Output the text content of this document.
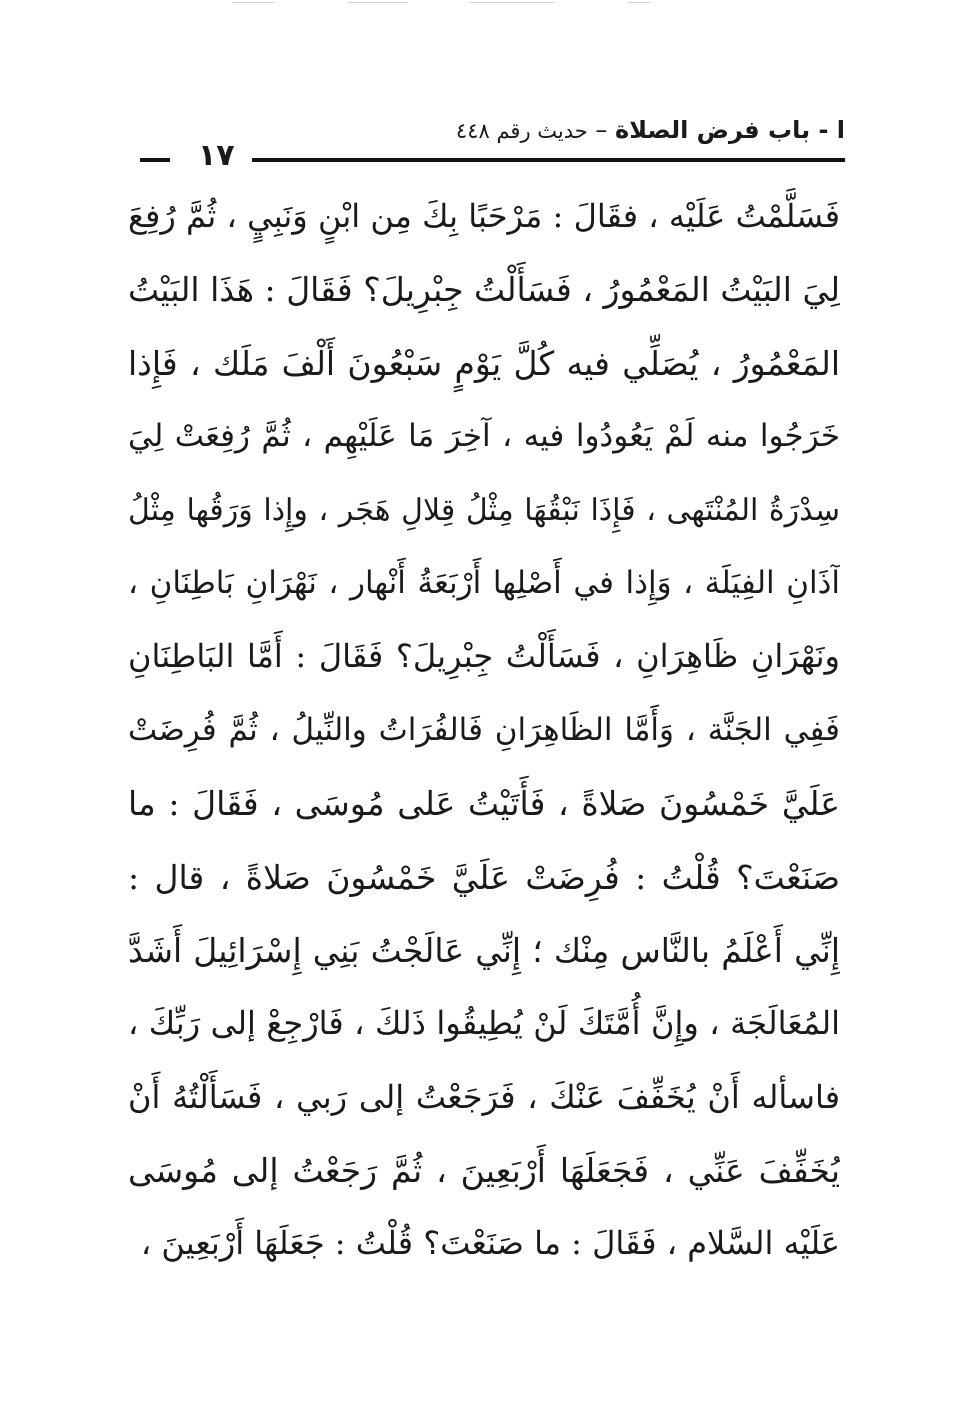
ا - باب فرض الصلاة – حديث رقم ٤٤٨
١٧
فَسَلَّمْتُ عَلَيْه ، فقَالَ : مَرْحَبًا بِكَ مِن ابْنٍ وَنَبِيٍ ، ثُمَّ رُفِعَ
لِيَ البَيْتُ المَعْمُورُ ، فَسَأَلْتُ جِبْرِيلَ؟ فَقَالَ : هَذَا البَيْتُ
المَعْمُورُ ، يُصَلِّي فيه كُلَّ يَوْمٍ سَبْعُونَ أَلْفَ مَلَك ، فَإِذا
خَرَجُوا منه لَمْ يَعُودُوا فيه ، آخِرَ مَا عَلَيْهِم ، ثُمَّ رُفِعَتْ لِيَ
سِدْرَةُ المُنْتَهى ، فَإِذَا نَبْقُهَا مِثْلُ قِلالِ هَجَر ، وإِذا وَرَقُها مِثْلُ
آذَانِ الفِيَلَة ، وَإِذا في أَصْلِها أَرْبَعَةُ أَنْهار ، نَهْرَانِ بَاطِنَانِ ،
ونَهْرَانِ ظَاهِرَانِ ، فَسَأَلْتُ جِبْرِيلَ؟ فَقَالَ : أَمَّا البَاطِنَانِ
فَفِي الجَنَّة ، وَأَمَّا الظَاهِرَانِ فَالفُرَاتُ والنِّيلُ ، ثُمَّ فُرِضَتْ
عَلَيَّ خَمْسُونَ صَلاةً ، فَأَتَيْتُ عَلى مُوسَى ، فَقَالَ : ما
صَنَعْتَ؟ قُلْتُ : فُرِضَتْ عَلَيَّ خَمْسُونَ صَلاةً ، قال :
إِنِّي أَعْلَمُ بالنَّاس مِنْك ؛ إِنِّي عَالَجْتُ بَنِي إِسْرَائِيلَ أَشَدَّ
المُعَالَجَة ، وإِنَّ أُمَّتَكَ لَنْ يُطِيقُوا ذَلكَ ، فَارْجِعْ إلى رَبِّكَ ،
فاسأله أَنْ يُخَفِّفَ عَنْكَ ، فَرَجَعْتُ إلى رَبي ، فَسَأَلْتُهُ أَنْ
يُخَفِّفَ عَنِّي ، فَجَعَلَهَا أَرْبَعِينَ ، ثُمَّ رَجَعْتُ إلى مُوسَى
عَلَيْه السَّلام ، فَقَالَ : ما صَنَعْتَ؟ قُلْتُ : جَعَلَهَا أَرْبَعِينَ ،
